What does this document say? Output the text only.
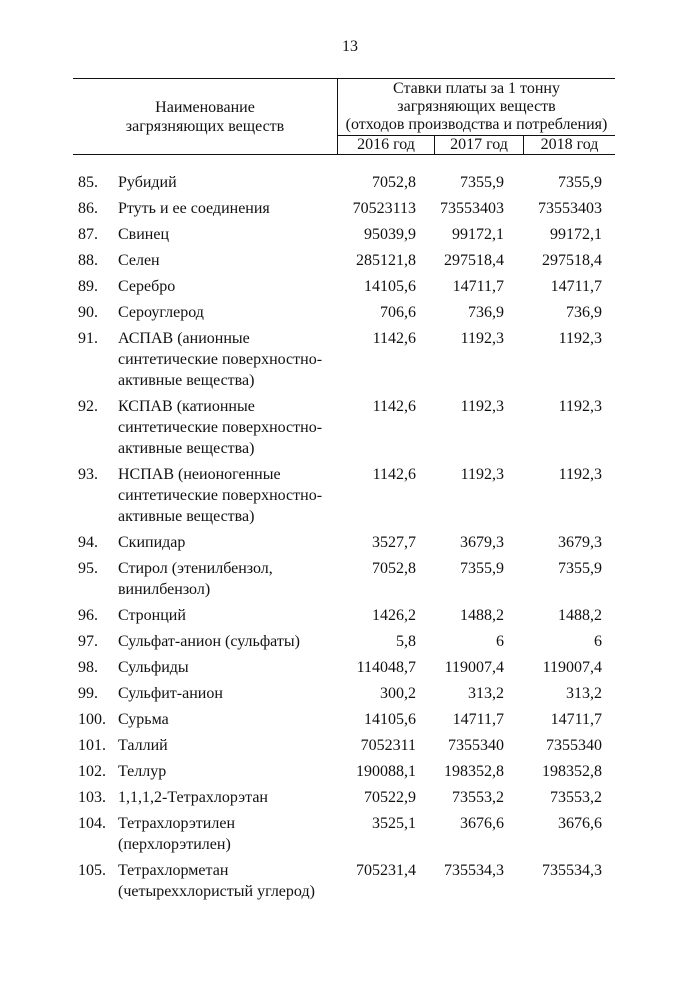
13
Наименование
загрязняющих веществ
Ставки платы за 1 тонну
загрязняющих веществ
(отходов производства и потребления)
2016 год	2017 год	2018 год
85.	Рубидий	7052,8	7355,9	7355,9
86.	Ртуть и ее соединения	70523113 73553403	73553403
87.	Свинец	95039,9	99172,1	99172,1
88.	Селен	285121,8	297518,4	297518,4
89.	Серебро	14105,6	14711,7	14711,7
90.	Сероуглерод	706,6	736,9	736,9
91.	АСПАВ (анионные
синтетические поверхностно-
активные вещества)
1142,6	1192,3	1192,3
92.	КСПАВ (катионные
синтетические поверхностно-
активные вещества)
1142,6	1192,3	1192,3
93.	НСПАВ (неионогенные
синтетические поверхностно-
активные вещества)
1142,6	1192,3	1192,3
94.	Скипидар	3527,7	3679,3	3679,3
95.	Стирол (этенилбензол,
винилбензол)
7052,8	7355,9	7355,9
96.	Стронций	1426,2	1488,2	1488,2
97.	Сульфат-анион (сульфаты)	5,8	6	6
98.	Сульфиды	114048,7	119007,4	119007,4
99.	Сульфит-анион	300,2	313,2	313,2
100. Сурьма	14105,6	14711,7	14711,7
101. Таллий	7052311	7355340	7355340
102. Теллур	190088,1	198352,8	198352,8
103. 1,1,1,2-Тетрахлорэтан	70522,9	73553,2	73553,2
104. Тетрахлорэтилен
(перхлорэтилен)
3525,1	3676,6	3676,6
105. Тетрахлорметан
(четыреххлористый углерод)
705231,4	735534,3	735534,3
